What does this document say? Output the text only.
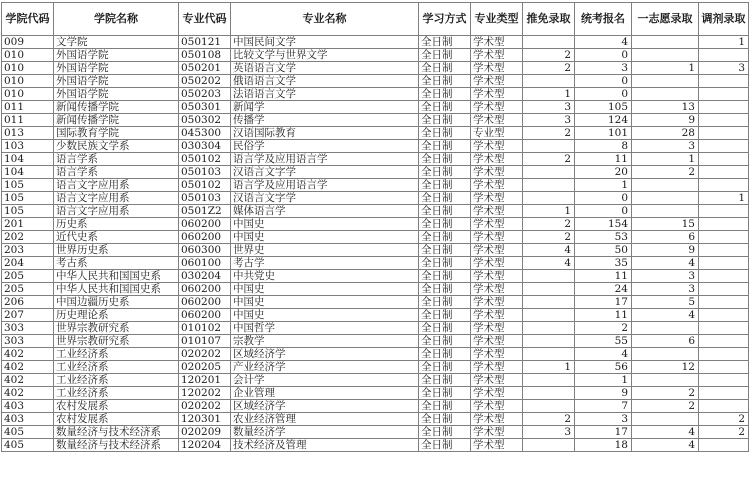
学院代码	学院名称	专业代码	专业名称	学习方式	专业类型	推免录取	统考报名	一志愿录取	调剂录取
009	文学院	050121	中国民间文学	全日制	学术型		4		1
010	外国语学院	050108	比较文学与世界文学	全日制	学术型	2	0		
010	外国语学院	050201	英语语言文学	全日制	学术型	2	3	1	3
010	外国语学院	050202	俄语语言文学	全日制	学术型		0		
010	外国语学院	050203	法语语言文学	全日制	学术型	1	0		
011	新闻传播学院	050301	新闻学	全日制	学术型	3	105	13	
011	新闻传播学院	050302	传播学	全日制	学术型	3	124	9	
013	国际教育学院	045300	汉语国际教育	全日制	专业型	2	101	28	
103	少数民族文学系	030304	民俗学	全日制	学术型		8	3	
104	语言学系	050102	语言学及应用语言学	全日制	学术型	2	11	1	
104	语言学系	050103	汉语言文字学	全日制	学术型		20	2	
105	语言文字应用系	050102	语言学及应用语言学	全日制	学术型		1		
105	语言文字应用系	050103	汉语言文字学	全日制	学术型		0		1
105	语言文字应用系	0501Z2	媒体语言学	全日制	学术型	1	0		
201	历史系	060200	中国史	全日制	学术型	2	154	15	
202	近代史系	060200	中国史	全日制	学术型	2	53	6	
203	世界历史系	060300	世界史	全日制	学术型	4	50	9	
204	考古系	060100	考古学	全日制	学术型	4	35	4	
205	中华人民共和国国史系	030204	中共党史	全日制	学术型		11	3	
205	中华人民共和国国史系	060200	中国史	全日制	学术型		24	3	
206	中国边疆历史系	060200	中国史	全日制	学术型		17	5	
207	历史理论系	060200	中国史	全日制	学术型		11	4	
303	世界宗教研究系	010102	中国哲学	全日制	学术型		2		
303	世界宗教研究系	010107	宗教学	全日制	学术型		55	6	
402	工业经济系	020202	区域经济学	全日制	学术型		4		
402	工业经济系	020205	产业经济学	全日制	学术型	1	56	12	
402	工业经济系	120201	会计学	全日制	学术型		1		
402	工业经济系	120202	企业管理	全日制	学术型		9	2	
403	农村发展系	020202	区域经济学	全日制	学术型		7	2	
403	农村发展系	120301	农业经济管理	全日制	学术型	2	3		2
405	数量经济与技术经济系	020209	数量经济学	全日制	学术型	3	17	4	2
405	数量经济与技术经济系	120204	技术经济及管理	全日制	学术型		18	4	
